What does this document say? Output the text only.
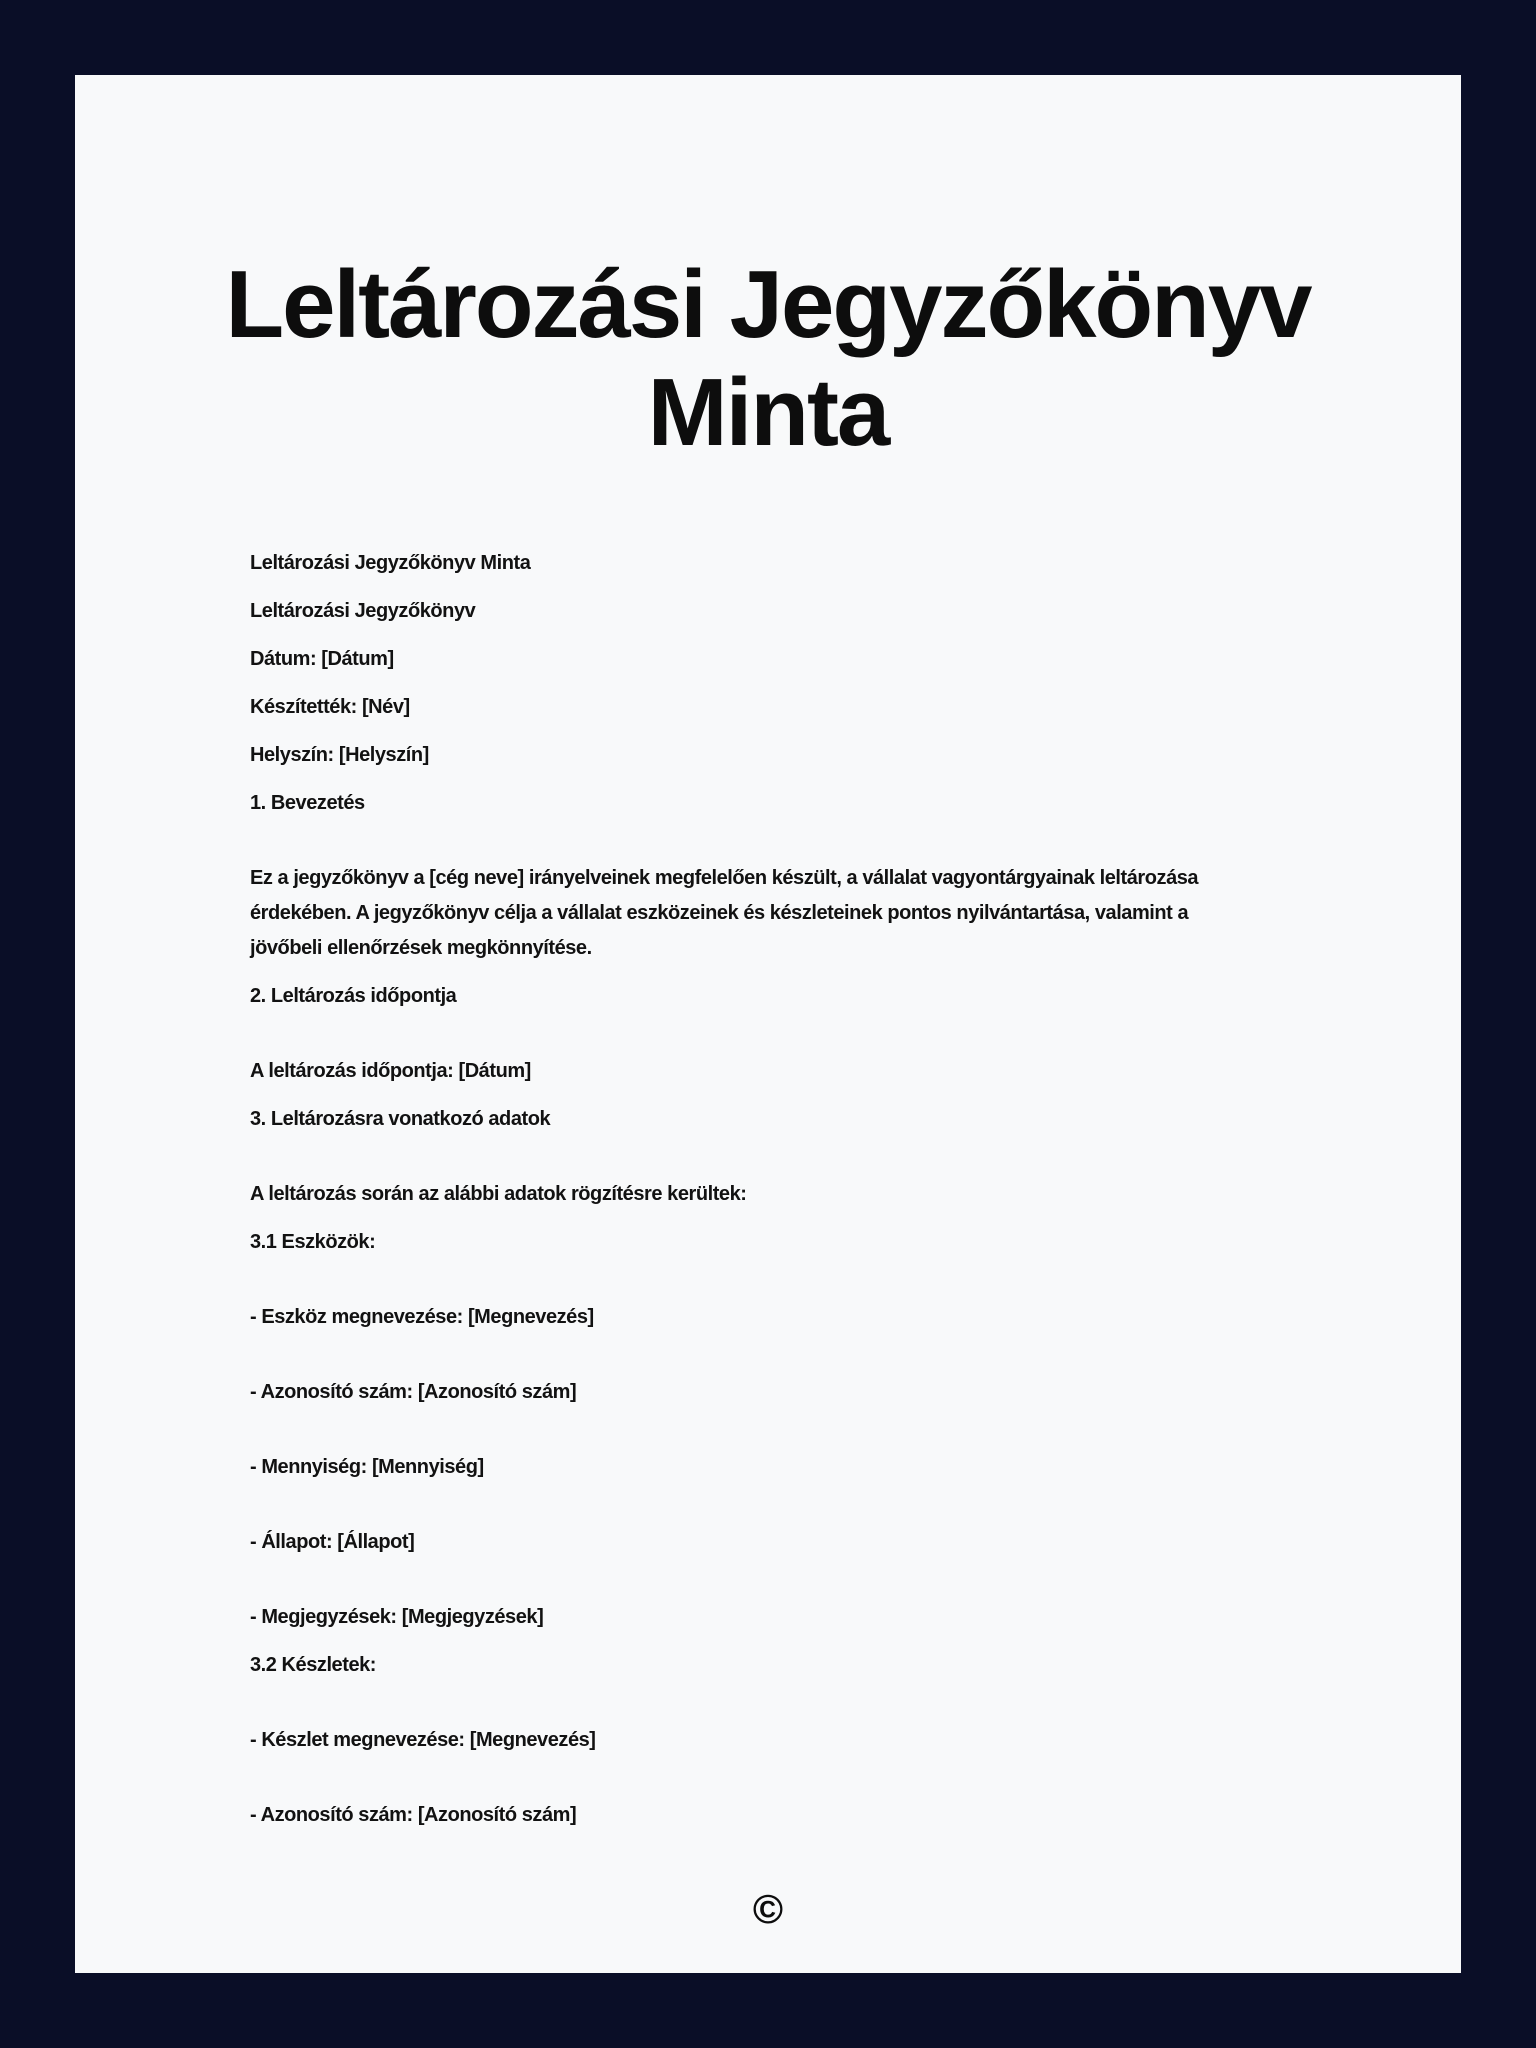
Leltározási Jegyzőkönyv
Minta
Leltározási Jegyzőkönyv Minta
Leltározási Jegyzőkönyv
Dátum: [Dátum]
Készítették: [Név]
Helyszín: [Helyszín]
1. Bevezetés
Ez a jegyzőkönyv a [cég neve] irányelveinek megfelelően készült, a vállalat vagyontárgyainak leltározása
érdekében. A jegyzőkönyv célja a vállalat eszközeinek és készleteinek pontos nyilvántartása, valamint a
jövőbeli ellenőrzések megkönnyítése.
2. Leltározás időpontja
A leltározás időpontja: [Dátum]
3. Leltározásra vonatkozó adatok
A leltározás során az alábbi adatok rögzítésre kerültek:
3.1 Eszközök:
- Eszköz megnevezése: [Megnevezés]
- Azonosító szám: [Azonosító szám]
- Mennyiség: [Mennyiség]
- Állapot: [Állapot]
- Megjegyzések: [Megjegyzések]
3.2 Készletek:
- Készlet megnevezése: [Megnevezés]
- Azonosító szám: [Azonosító szám]
©
